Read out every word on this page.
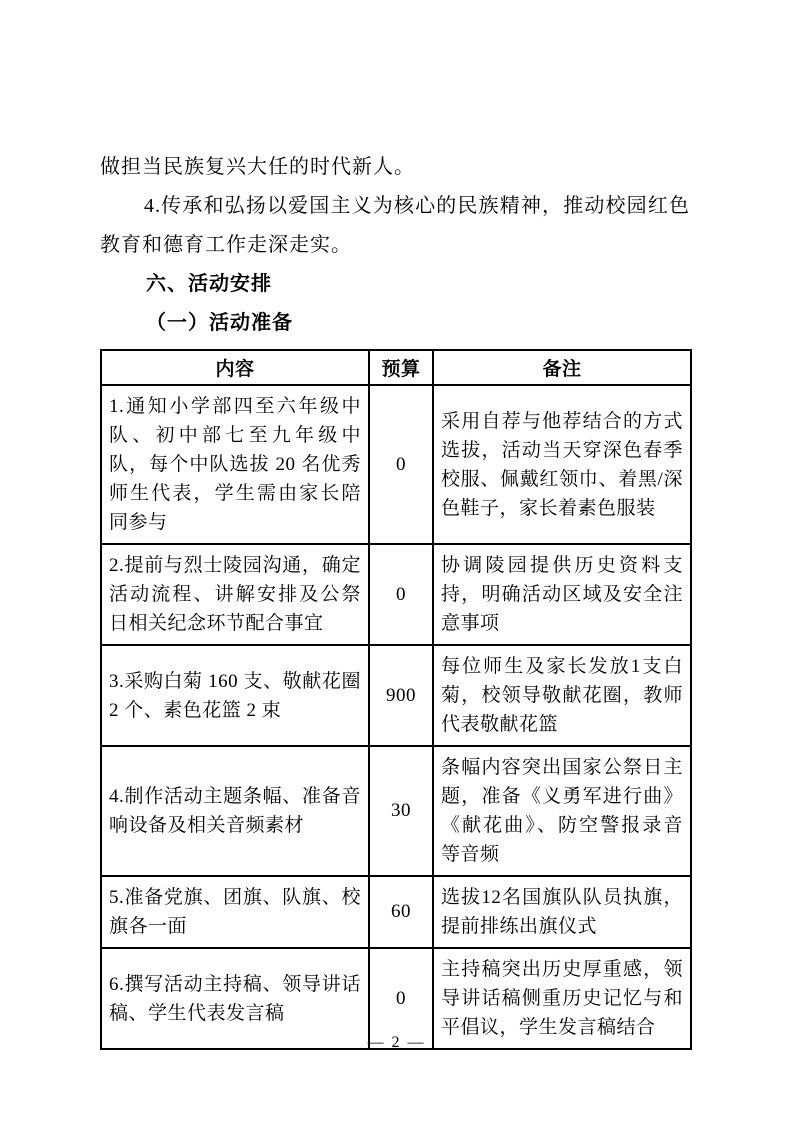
做担当民族复兴大任的时代新人。

4.传承和弘扬以爱国主义为核心的民族精神，推动校园红色教育和德育工作走深走实。

六、活动安排

（一）活动准备

内容	预算	备注
1.通知小学部四至六年级中队、初中部七至九年级中队，每个中队选拔 20 名优秀师生代表，学生需由家长陪同参与	0	采用自荐与他荐结合的方式选拔，活动当天穿深色春季校服、佩戴红领巾、着黑/深色鞋子，家长着素色服装
2.提前与烈士陵园沟通，确定活动流程、讲解安排及公祭日相关纪念环节配合事宜	0	协调陵园提供历史资料支持，明确活动区域及安全注意事项
3.采购白菊 160 支、敬献花圈 2 个、素色花篮 2 束	900	每位师生及家长发放1支白菊，校领导敬献花圈，教师代表敬献花篮
4.制作活动主题条幅、准备音响设备及相关音频素材	30	条幅内容突出国家公祭日主题，准备《义勇军进行曲》《献花曲》、防空警报录音等音频
5.准备党旗、团旗、队旗、校旗各一面	60	选拔12名国旗队队员执旗，提前排练出旗仪式
6.撰写活动主持稿、领导讲话稿、学生代表发言稿	0	主持稿突出历史厚重感，领导讲话稿侧重历史记忆与和平倡议，学生发言稿结合
— 2 —
